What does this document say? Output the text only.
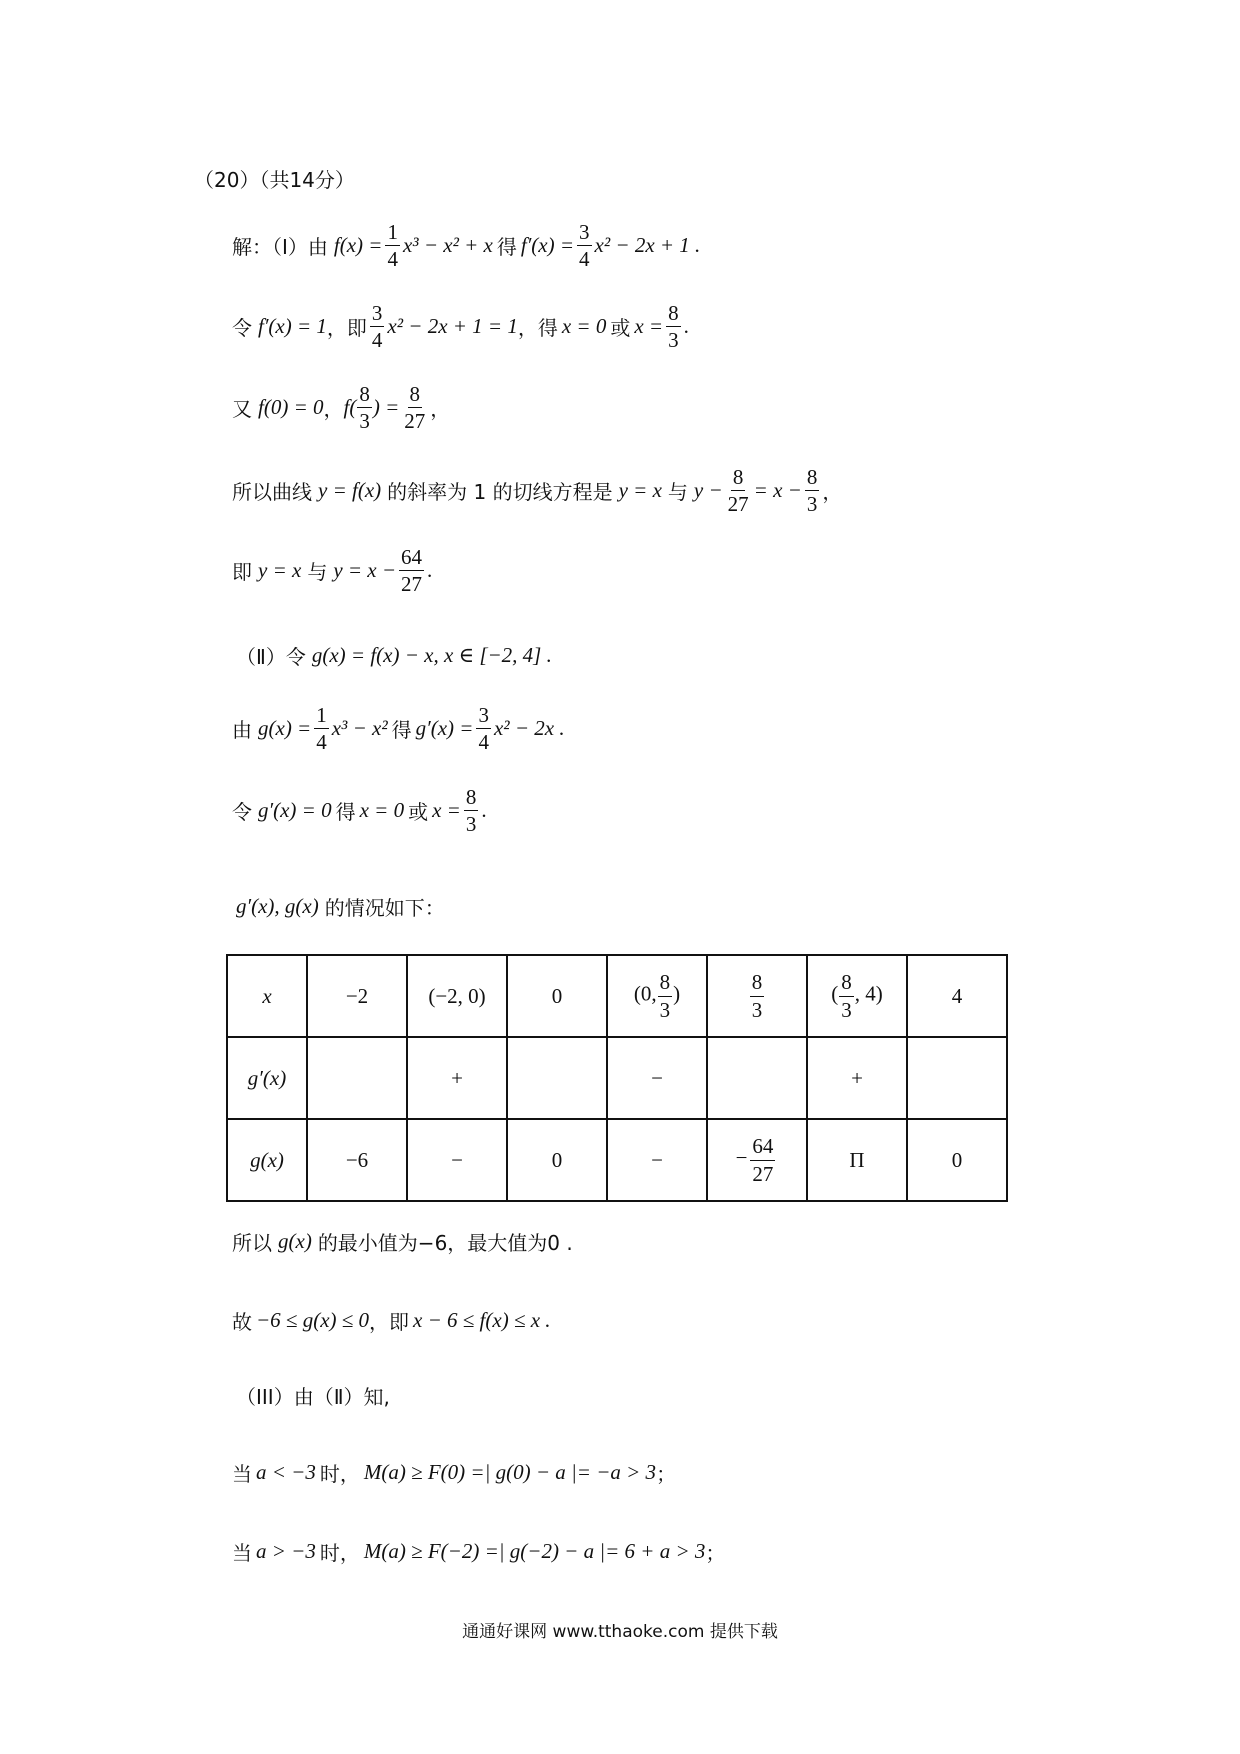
（20）（共14分）
解：（Ⅰ）由 $f(x) = \frac{1}{4} x^3 - x^2 + x$ 得 $f'(x) = \frac{3}{4} x^2 - 2x + 1$ .
令 f′(x) = 1 ，即 $\frac{3}{4} x^2 - 2x + 1 = 1$ ，得 x = 0 或 $x = \frac{8}{3}$ .
又 f(0) = 0 ， $f( \frac{8}{3}$ ) = $\frac{8}{27}$ ，
所以曲线 y = f(x) 的斜率为 1 的切线方程是 y = x 与 $y - \frac{8}{27} = x - \frac{8}{3}$ ，
即 y = x 与 $y = x - \frac{64}{27}$ .
（Ⅱ）令 g(x) = f(x) − x, x ∈ [−2, 4] .
由 $g(x) = \frac{1}{4} x^3 - x^2$ 得 $g'(x) = \frac{3}{4} x^2 - 2x$ .
令 g′(x) = 0 得 x = 0 或 $x = \frac{8}{3}$ .
g′(x), g(x) 的情况如下：
x	−2	(−2, 0)	0	(0, $\frac{8}{3}$ )	$\frac{8}{3}$	( $\frac{8}{3}$ , 4)	4
g′(x)		+		−		+	
g(x)	−6	−	0	−	− $\frac{64}{27}$	Π	0
所以 g(x) 的最小值为−6，最大值为0 .
故 −6 ≤ g(x) ≤ 0 ，即 x − 6 ≤ f(x) ≤ x .
（III）由（Ⅱ）知,
当 a < −3 时， M(a) ≥ F(0) =| g(0) − a |= −a > 3 ；
当 a > −3 时， M(a) ≥ F(−2) =| g(−2) − a |= 6 + a > 3 ；
通通好课网 www.tthaoke.com 提供下载
